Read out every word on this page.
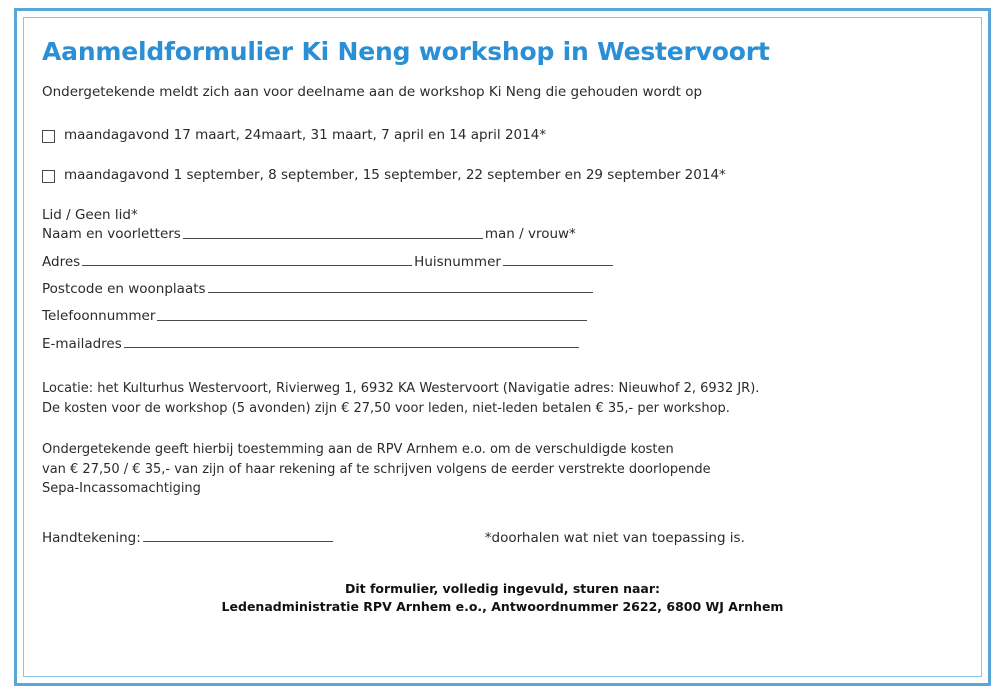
Aanmeldformulier Ki Neng workshop in Westervoort
Ondergetekende meldt zich aan voor deelname aan de workshop Ki Neng die gehouden wordt op
maandagavond 17 maart, 24maart, 31 maart, 7 april en 14 april 2014*
maandagavond 1 september, 8 september, 15 september, 22 september en 29 september 2014*
Lid / Geen lid*
Naam en voorletters	man / vrouw*
Adres	Huisnummer
Postcode en woonplaats
Telefoonnummer
E-mailadres
Locatie: het Kulturhus Westervoort, Rivierweg 1, 6932 KA Westervoort (Navigatie adres: Nieuwhof 2, 6932 JR).
De kosten voor de workshop (5 avonden) zijn € 27,50 voor leden, niet-leden betalen € 35,- per workshop.
Ondergetekende geeft hierbij toestemming aan de RPV Arnhem e.o. om de verschuldigde kosten
van € 27,50 / € 35,- van zijn of haar rekening af te schrijven volgens de eerder verstrekte doorlopende
Sepa-Incassomachtiging
Handtekening:	*doorhalen wat niet van toepassing is.
Dit formulier, volledig ingevuld, sturen naar:
Ledenadministratie RPV Arnhem e.o., Antwoordnummer 2622, 6800 WJ Arnhem
